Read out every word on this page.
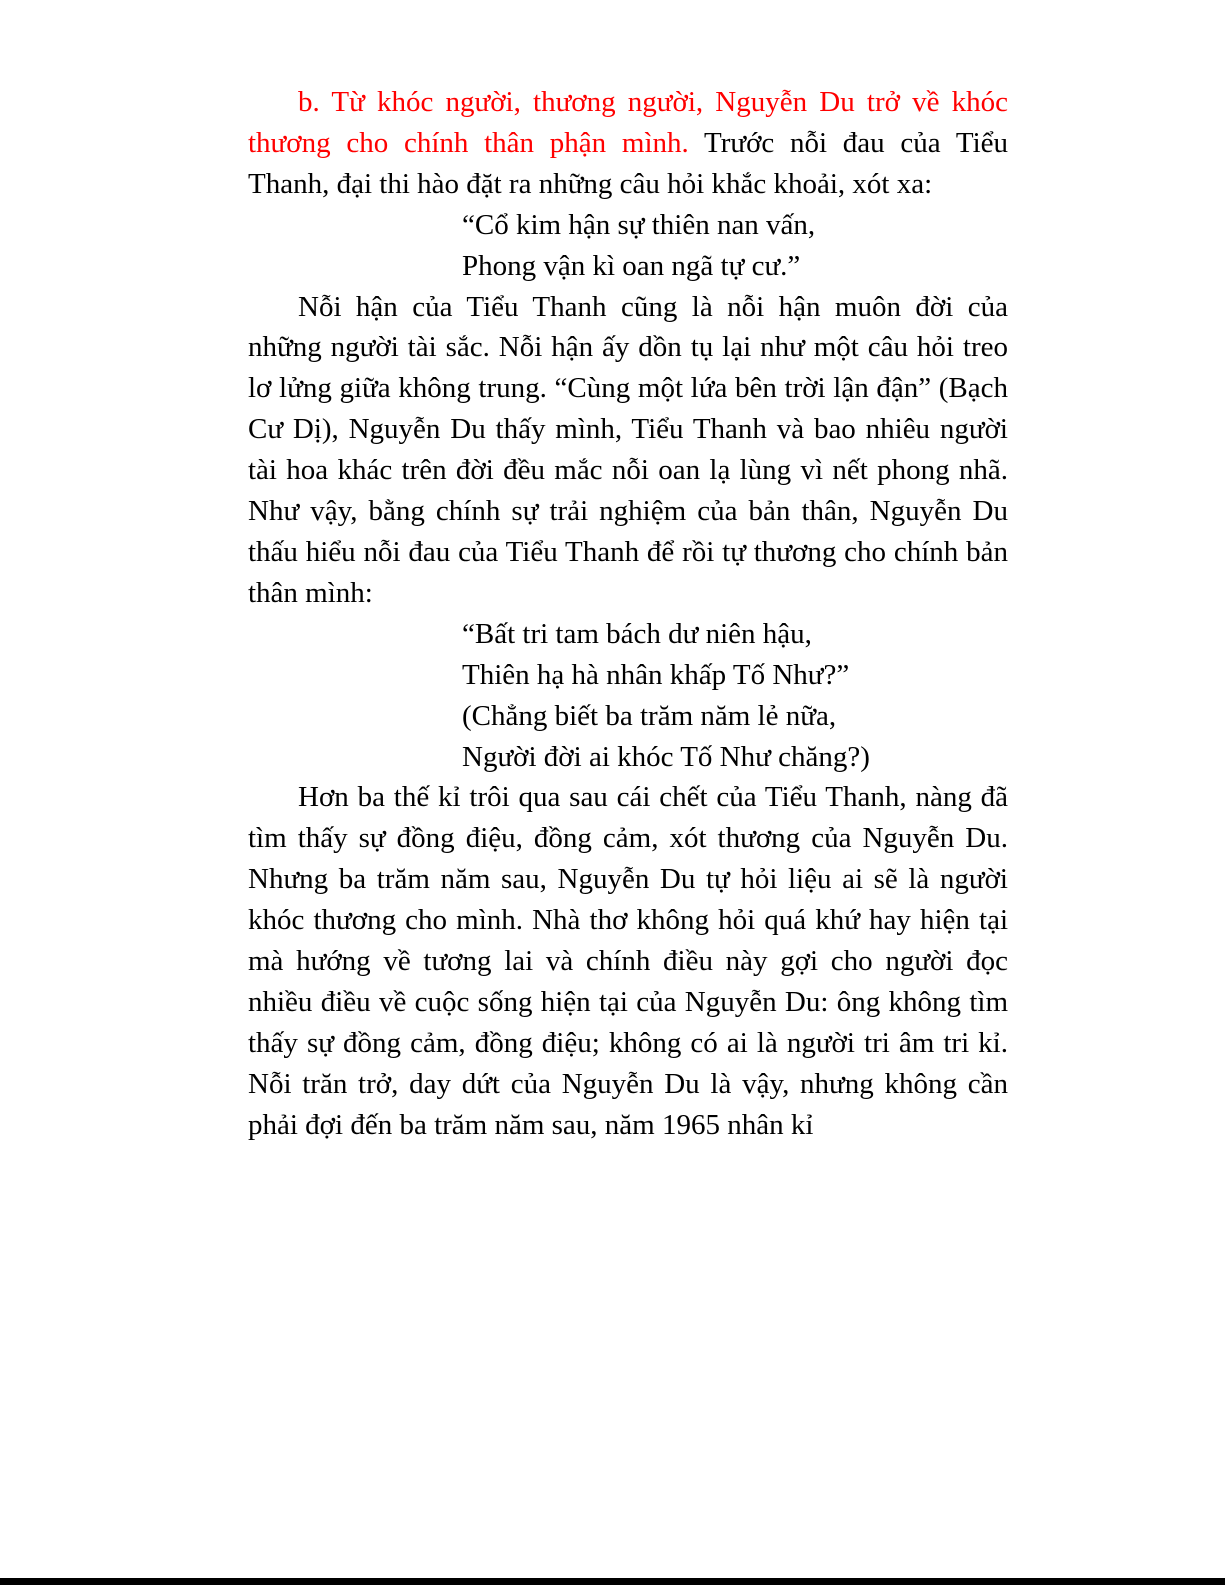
b. Từ khóc người, thương người, Nguyễn Du trở về khóc thương cho chính thân phận mình. Trước nỗi đau của Tiểu Thanh, đại thi hào đặt ra những câu hỏi khắc khoải, xót xa:

“Cổ kim hận sự thiên nan vấn,
Phong vận kì oan ngã tự cư.”

Nỗi hận của Tiểu Thanh cũng là nỗi hận muôn đời của những người tài sắc. Nỗi hận ấy dồn tụ lại như một câu hỏi treo lơ lửng giữa không trung. “Cùng một lứa bên trời lận đận” (Bạch Cư Dị), Nguyễn Du thấy mình, Tiểu Thanh và bao nhiêu người tài hoa khác trên đời đều mắc nỗi oan lạ lùng vì nết phong nhã. Như vậy, bằng chính sự trải nghiệm của bản thân, Nguyễn Du thấu hiểu nỗi đau của Tiểu Thanh để rồi tự thương cho chính bản thân mình:

“Bất tri tam bách dư niên hậu,
Thiên hạ hà nhân khấp Tố Như?”
(Chẳng biết ba trăm năm lẻ nữa,
Người đời ai khóc Tố Như chăng?)

Hơn ba thế kỉ trôi qua sau cái chết của Tiểu Thanh, nàng đã tìm thấy sự đồng điệu, đồng cảm, xót thương của Nguyễn Du. Nhưng ba trăm năm sau, Nguyễn Du tự hỏi liệu ai sẽ là người khóc thương cho mình. Nhà thơ không hỏi quá khứ hay hiện tại mà hướng về tương lai và chính điều này gợi cho người đọc nhiều điều về cuộc sống hiện tại của Nguyễn Du: ông không tìm thấy sự đồng cảm, đồng điệu; không có ai là người tri âm tri kỉ. Nỗi trăn trở, day dứt của Nguyễn Du là vậy, nhưng không cần phải đợi đến ba trăm năm sau, năm 1965 nhân kỉ
